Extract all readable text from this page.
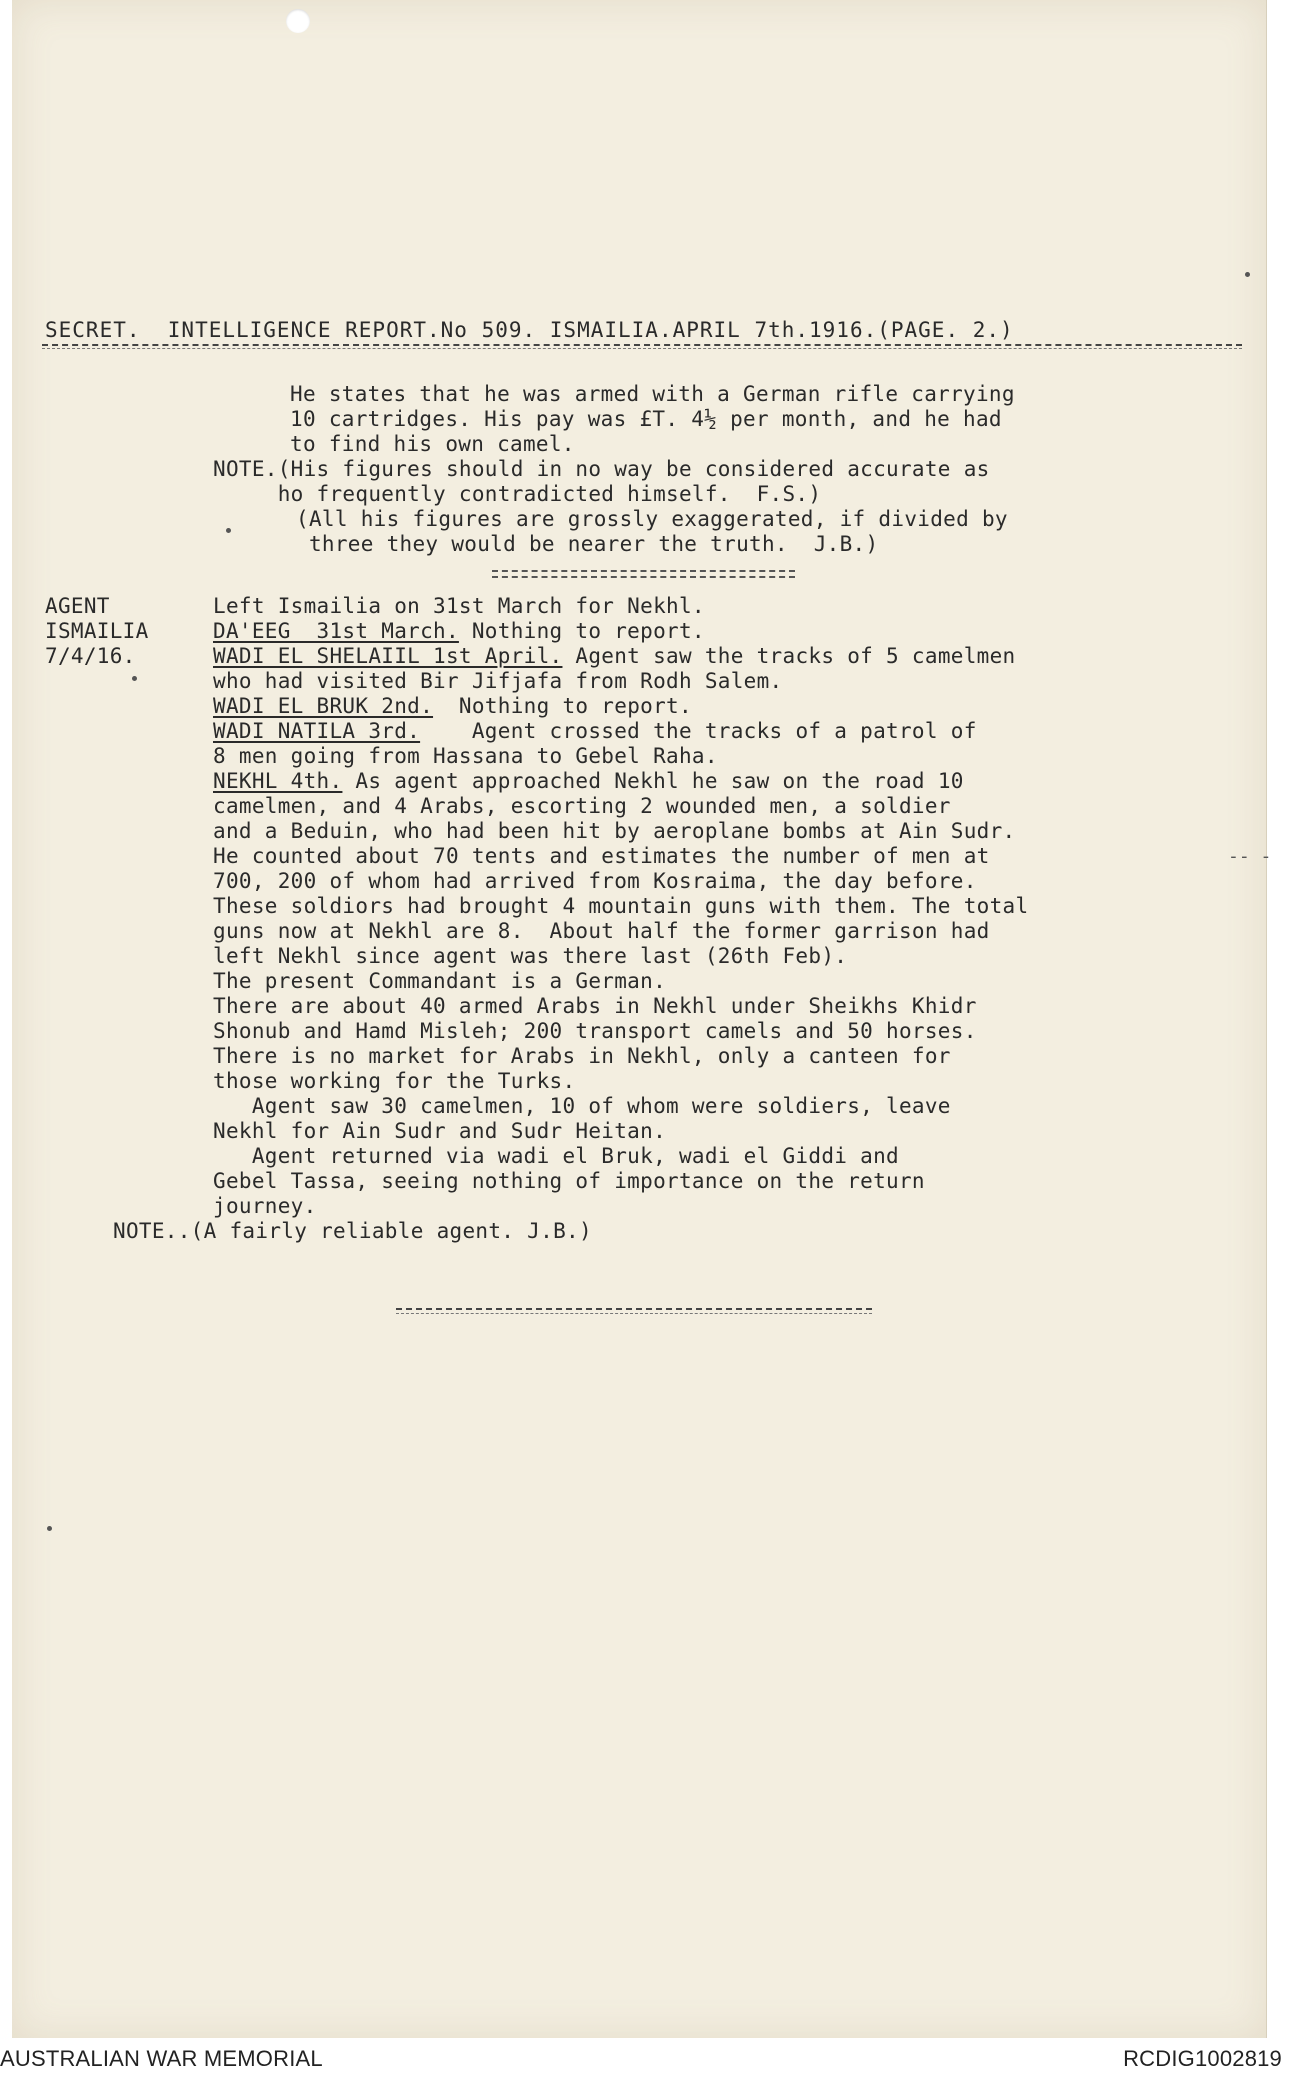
SECRET.  INTELLIGENCE REPORT.No 509. ISMAILIA.APRIL 7th.1916.(PAGE. 2.)
He states that he was armed with a German rifle carrying
10 cartridges. His pay was £T. 4½ per month, and he had
to find his own camel.
NOTE.(His figures should in no way be considered accurate as
ho frequently contradicted himself.  F.S.)
(All his figures are grossly exaggerated, if divided by
three they would be nearer the truth.  J.B.)
AGENT
ISMAILIA
7/4/16.
Left Ismailia on 31st March for Nekhl.
DA'EEG  31st March. Nothing to report.
WADI EL SHELAIIL 1st April. Agent saw the tracks of 5 camelmen
who had visited Bir Jifjafa from Rodh Salem.
WADI EL BRUK 2nd.  Nothing to report.
WADI NATILA 3rd.    Agent crossed the tracks of a patrol of
8 men going from Hassana to Gebel Raha.
NEKHL 4th. As agent approached Nekhl he saw on the road 10
camelmen, and 4 Arabs, escorting 2 wounded men, a soldier
and a Beduin, who had been hit by aeroplane bombs at Ain Sudr.
He counted about 70 tents and estimates the number of men at
700, 200 of whom had arrived from Kosraima, the day before.
These soldiors had brought 4 mountain guns with them. The total
guns now at Nekhl are 8.  About half the former garrison had
left Nekhl since agent was there last (26th Feb).
The present Commandant is a German.
There are about 40 armed Arabs in Nekhl under Sheikhs Khidr
Shonub and Hamd Misleh; 200 transport camels and 50 horses.
There is no market for Arabs in Nekhl, only a canteen for
those working for the Turks.
Agent saw 30 camelmen, 10 of whom were soldiers, leave
Nekhl for Ain Sudr and Sudr Heitan.
Agent returned via wadi el Bruk, wadi el Giddi and
Gebel Tassa, seeing nothing of importance on the return
journey.
NOTE..(A fairly reliable agent. J.B.)
-- -
AUSTRALIAN WAR MEMORIAL	RCDIG1002819
